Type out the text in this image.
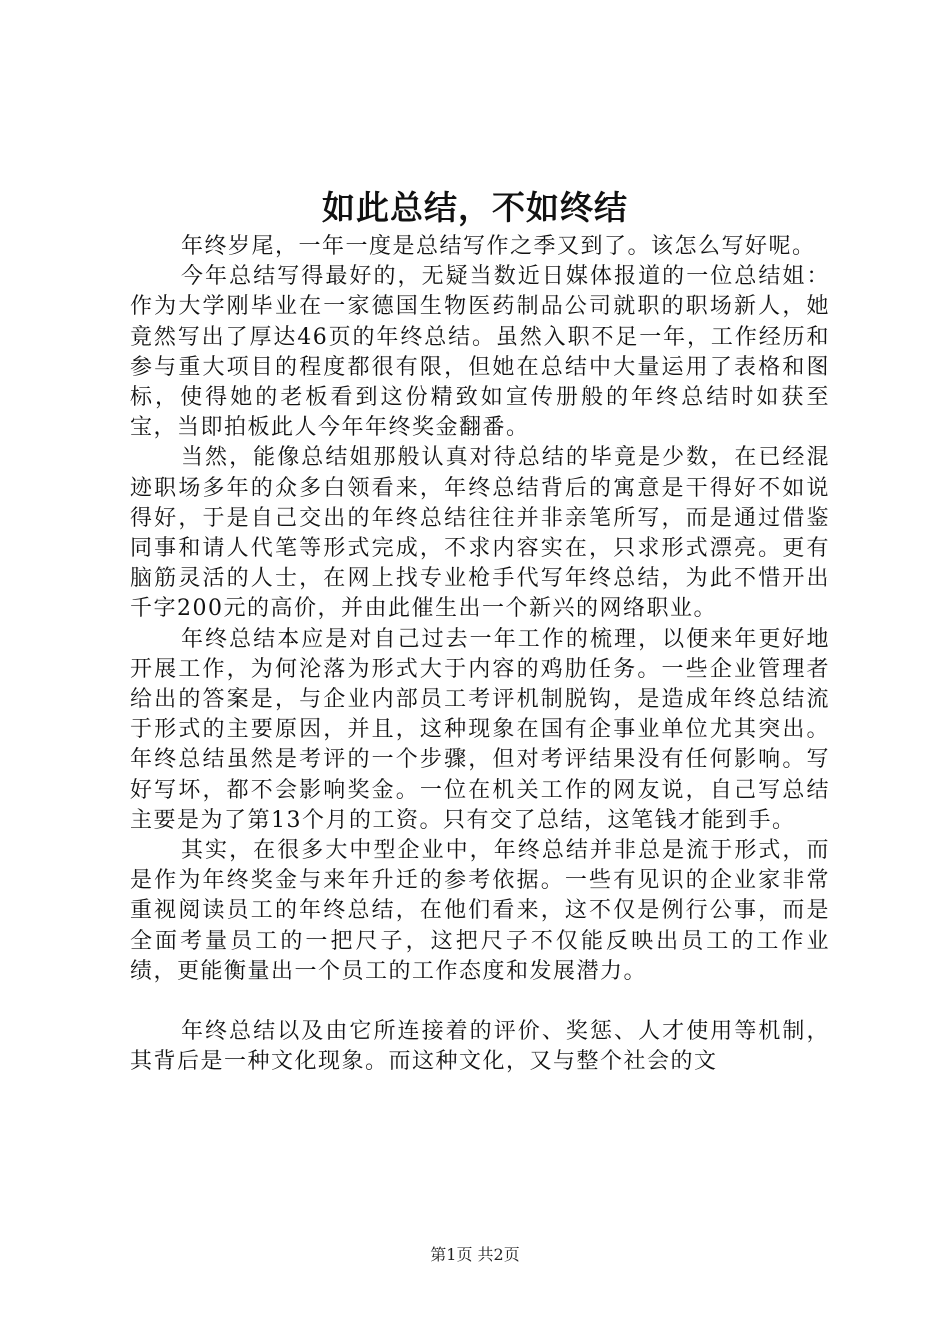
如此总结，不如终结

年终岁尾，一年一度是总结写作之季又到了。该怎么写好呢。

今年总结写得最好的，无疑当数近日媒体报道的一位总结姐：作为大学刚毕业在一家德国生物医药制品公司就职的职场新人，她竟然写出了厚达46页的年终总结。虽然入职不足一年，工作经历和参与重大项目的程度都很有限，但她在总结中大量运用了表格和图标，使得她的老板看到这份精致如宣传册般的年终总结时如获至宝，当即拍板此人今年年终奖金翻番。

当然，能像总结姐那般认真对待总结的毕竟是少数，在已经混迹职场多年的众多白领看来，年终总结背后的寓意是干得好不如说得好，于是自己交出的年终总结往往并非亲笔所写，而是通过借鉴同事和请人代笔等形式完成，不求内容实在，只求形式漂亮。更有脑筋灵活的人士，在网上找专业枪手代写年终总结，为此不惜开出千字200元的高价，并由此催生出一个新兴的网络职业。

年终总结本应是对自己过去一年工作的梳理，以便来年更好地开展工作，为何沦落为形式大于内容的鸡肋任务。一些企业管理者给出的答案是，与企业内部员工考评机制脱钩，是造成年终总结流于形式的主要原因，并且，这种现象在国有企事业单位尤其突出。年终总结虽然是考评的一个步骤，但对考评结果没有任何影响。写好写坏，都不会影响奖金。一位在机关工作的网友说，自己写总结主要是为了第13个月的工资。只有交了总结，这笔钱才能到手。

其实，在很多大中型企业中，年终总结并非总是流于形式，而是作为年终奖金与来年升迁的参考依据。一些有见识的企业家非常重视阅读员工的年终总结，在他们看来，这不仅是例行公事，而是全面考量员工的一把尺子，这把尺子不仅能反映出员工的工作业绩，更能衡量出一个员工的工作态度和发展潜力。

年终总结以及由它所连接着的评价、奖惩、人才使用等机制，其背后是一种文化现象。而这种文化，又与整个社会的文

第1页 共2页
